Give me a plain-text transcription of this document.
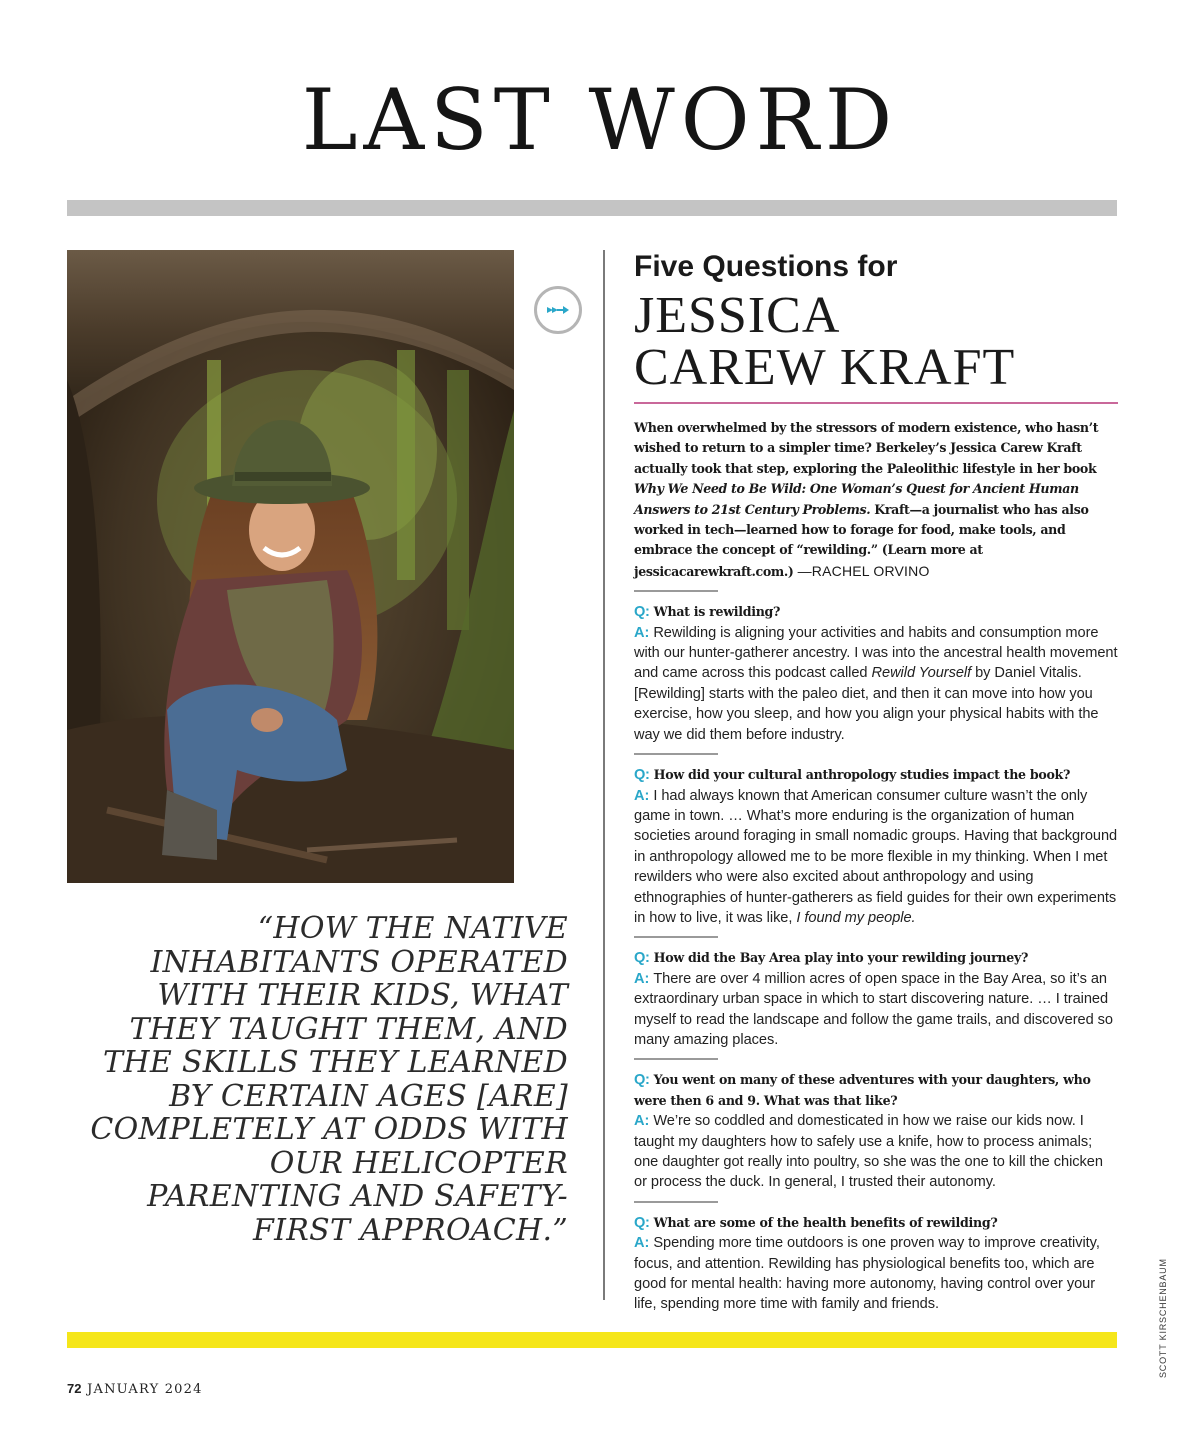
LAST WORD
“HOW THE NATIVE INHABITANTS OPERATED WITH THEIR KIDS, WHAT THEY TAUGHT THEM, AND THE SKILLS THEY LEARNED BY CERTAIN AGES [ARE] COMPLETELY AT ODDS WITH OUR HELICOPTER PARENTING AND SAFETY-FIRST APPROACH.”
Five Questions for
JESSICA
CAREW KRAFT

When overwhelmed by the stressors of modern existence, who hasn’t wished to return to a simpler time? Berkeley’s Jessica Carew Kraft actually took that step, exploring the Paleolithic lifestyle in her book Why We Need to Be Wild: One Woman’s Quest for Ancient Human Answers to 21st Century Problems. Kraft—a journalist who has also worked in tech—learned how to forage for food, make tools, and embrace the concept of “rewilding.” (Learn more at jessicacarewkraft.com.) —RACHEL ORVINO

Q: What is rewilding?
A: Rewilding is aligning your activities and habits and consumption more with our hunter-gatherer ancestry. I was into the ancestral health movement and came across this podcast called Rewild Yourself by Daniel Vitalis. [Rewilding] starts with the paleo diet, and then it can move into how you exercise, how you sleep, and how you align your physical habits with the way we did them before industry.
Q: How did your cultural anthropology studies impact the book?
A: I had always known that American consumer culture wasn’t the only game in town. … What’s more enduring is the organization of human societies around foraging in small nomadic groups. Having that background in anthropology allowed me to be more flexible in my thinking. When I met rewilders who were also excited about anthropology and using ethnographies of hunter-gatherers as field guides for their own experiments in how to live, it was like, I found my people.
Q: How did the Bay Area play into your rewilding journey?
A: There are over 4 million acres of open space in the Bay Area, so it’s an extraordinary urban space in which to start discovering nature. … I trained myself to read the landscape and follow the game trails, and discovered so many amazing places.
Q: You went on many of these adventures with your daughters, who were then 6 and 9. What was that like?
A: We’re so coddled and domesticated in how we raise our kids now. I taught my daughters how to safely use a knife, how to process animals; one daughter got really into poultry, so she was the one to kill the chicken or process the duck. In general, I trusted their autonomy.
Q: What are some of the health benefits of rewilding?
A: Spending more time outdoors is one proven way to improve creativity, focus, and attention. Rewilding has physiological benefits too, which are good for mental health: having more autonomy, having control over your life, spending more time with family and friends.	SCOTT KIRSCHENBAUM
72 JANUARY 2024
